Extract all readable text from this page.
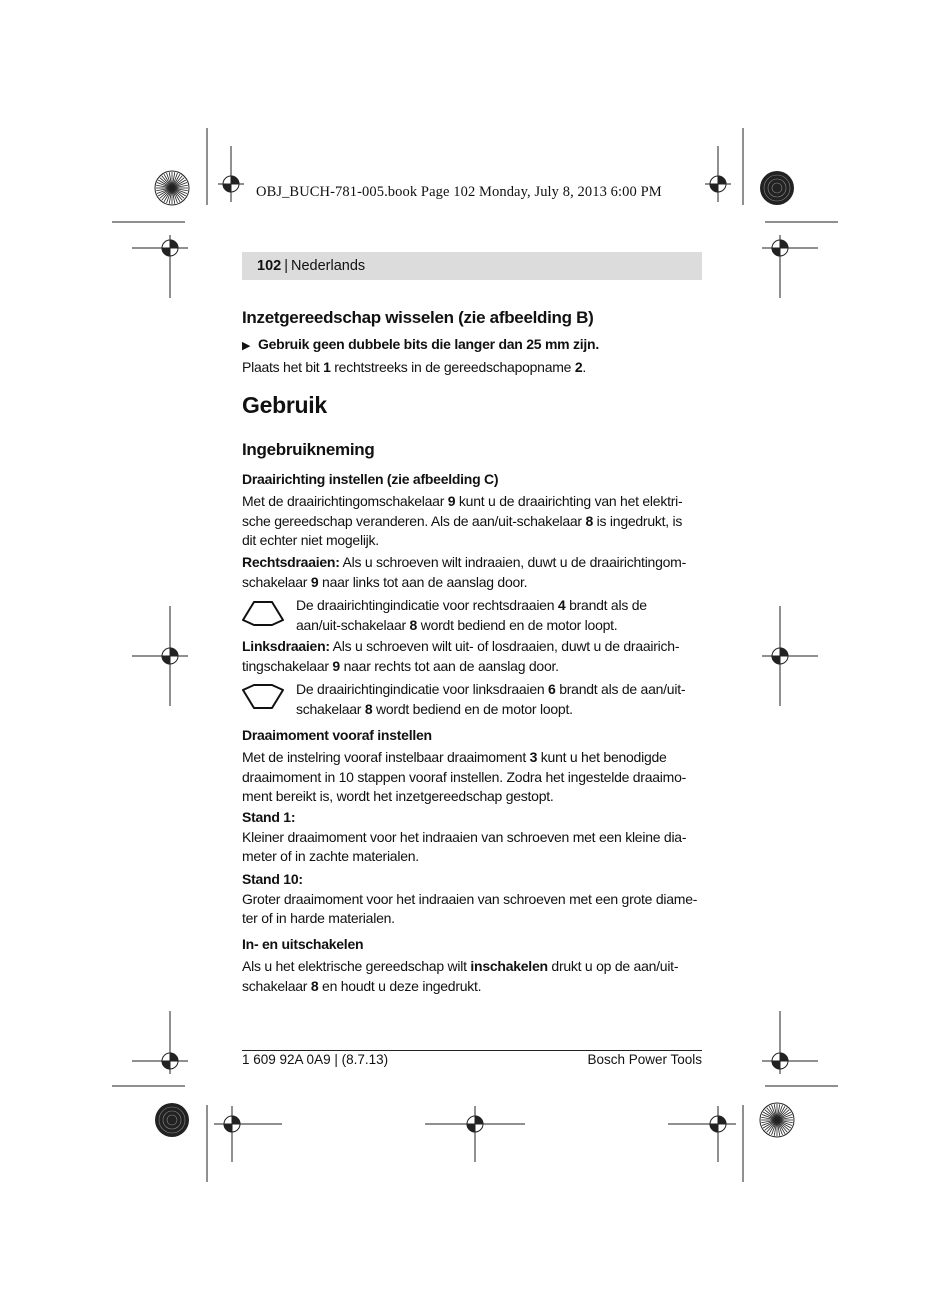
OBJ_BUCH-781-005.book Page 102 Monday, July 8, 2013 6:00 PM
102 | Nederlands
Inzetgereedschap wisselen (zie afbeelding B)
▶ Gebruik geen dubbele bits die langer dan 25 mm zijn.
Plaats het bit 1 rechtstreeks in de gereedschapopname 2.
Gebruik
Ingebruikneming
Draairichting instellen (zie afbeelding C)
Met de draairichtingomschakelaar 9 kunt u de draairichting van het elektri-
sche gereedschap veranderen. Als de aan/uit-schakelaar 8 is ingedrukt, is
dit echter niet mogelijk.
Rechtsdraaien: Als u schroeven wilt indraaien, duwt u de draairichtingom-
schakelaar 9 naar links tot aan de aanslag door.
De draairichtingindicatie voor rechtsdraaien 4 brandt als de
aan/uit-schakelaar 8 wordt bediend en de motor loopt.
Linksdraaien: Als u schroeven wilt uit- of losdraaien, duwt u de draairich-
tingschakelaar 9 naar rechts tot aan de aanslag door.
De draairichtingindicatie voor linksdraaien 6 brandt als de aan/uit-
schakelaar 8 wordt bediend en de motor loopt.
Draaimoment vooraf instellen
Met de instelring vooraf instelbaar draaimoment 3 kunt u het benodigde
draaimoment in 10 stappen vooraf instellen. Zodra het ingestelde draaimo-
ment bereikt is, wordt het inzetgereedschap gestopt.
Stand 1:
Kleiner draaimoment voor het indraaien van schroeven met een kleine dia-
meter of in zachte materialen.
Stand 10:
Groter draaimoment voor het indraaien van schroeven met een grote diame-
ter of in harde materialen.
In- en uitschakelen
Als u het elektrische gereedschap wilt inschakelen drukt u op de aan/uit-
schakelaar 8 en houdt u deze ingedrukt.
1 609 92A 0A9 | (8.7.13)	Bosch Power Tools
